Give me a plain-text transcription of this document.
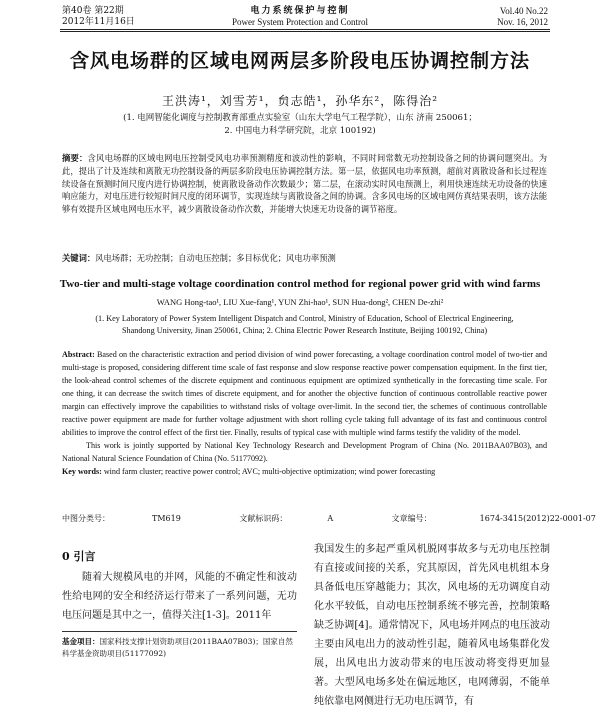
第40卷 第22期
2012年11月16日
电力系统保护与控制
Power System Protection and Control
Vol.40 No.22
Nov. 16, 2012
含风电场群的区域电网两层多阶段电压协调控制方法
王洪涛¹，刘雪芳¹，贠志皓¹，孙华东²，陈得治²
(1. 电网智能化调度与控制教育部重点实验室（山东大学电气工程学院），山东 济南 250061；
2. 中国电力科学研究院，北京 100192)
摘要：含风电场群的区域电网电压控制受风电功率预测精度和波动性的影响，不同时间常数无功控制设备之间的协调问题突出。为此，提出了计及连续和离散无功控制设备的两层多阶段电压协调控制方法。第一层，依据风电功率预测，超前对离散设备和长过程连续设备在预测时间尺度内进行协调控制，使离散设备动作次数最少；第二层，在滚动实时风电预测上，利用快速连续无功设备的快速响应能力，对电压进行较短时间尺度的闭环调节，实现连续与离散设备之间的协调。含多风电场的区域电网仿真结果表明，该方法能够有效提升区域电网电压水平，减少离散设备动作次数，并能增大快速无功设备的调节裕度。
关键词：风电场群；无功控制；自动电压控制；多目标优化；风电功率预测
Two-tier and multi-stage voltage coordination control method for regional power grid with wind farms
WANG Hong-tao¹, LIU Xue-fang¹, YUN Zhi-hao¹, SUN Hua-dong², CHEN De-zhi²
(1. Key Laboratory of Power System Intelligent Dispatch and Control, Ministry of Education, School of Electrical Engineering,
Shandong University, Jinan 250061, China; 2. China Electric Power Research Institute, Beijing 100192, China)
Abstract: Based on the characteristic extraction and period division of wind power forecasting, a voltage coordination control model of two-tier and multi-stage is proposed, considering different time scale of fast response and slow response reactive power compensation equipment. In the first tier, the look-ahead control schemes of the discrete equipment and continuous equipment are optimized synthetically in the forecasting time scale. For one thing, it can decrease the switch times of discrete equipment, and for another the objective function of continuous controllable reactive power margin can effectively improve the capabilities to withstand risks of voltage over-limit. In the second tier, the schemes of continuous controllable reactive power equipment are made for further voltage adjustment with short rolling cycle taking full advantage of its fast and continuous control abilities to improve the control effect of the first tier. Finally, results of typical case with multiple wind farms testify the validity of the model.
This work is jointly supported by National Key Technology Research and Development Program of China (No. 2011BAA07B03), and National Natural Science Foundation of China (No. 51177092).
Key words: wind farm cluster; reactive power control; AVC; multi-objective optimization; wind power forecasting
中图分类号：	TM619	文献标识码：	A	文章编号：	1674-3415(2012)22-0001-07
0 引言
随着大规模风电的并网，风能的不确定性和波动性给电网的安全和经济运行带来了一系列问题，无功电压问题是其中之一，值得关注[1-3]。2011年
基金项目：国家科技支撑计划资助项目(2011BAA07B03)；国家自然科学基金资助项目(51177092)
我国发生的多起严重风机脱网事故多与无功电压控制有直接或间接的关系，究其原因，首先风电机组本身具备低电压穿越能力；其次，风电场的无功调度自动化水平较低，自动电压控制系统不够完善，控制策略缺乏协调[4]。通常情况下，风电场并网点的电压波动主要由风电出力的波动性引起，随着风电场集群化发展，出风电出力波动带来的电压波动将变得更加显著。大型风电场多处在偏远地区，电网薄弱，不能单纯依靠电网侧进行无功电压调节，有
